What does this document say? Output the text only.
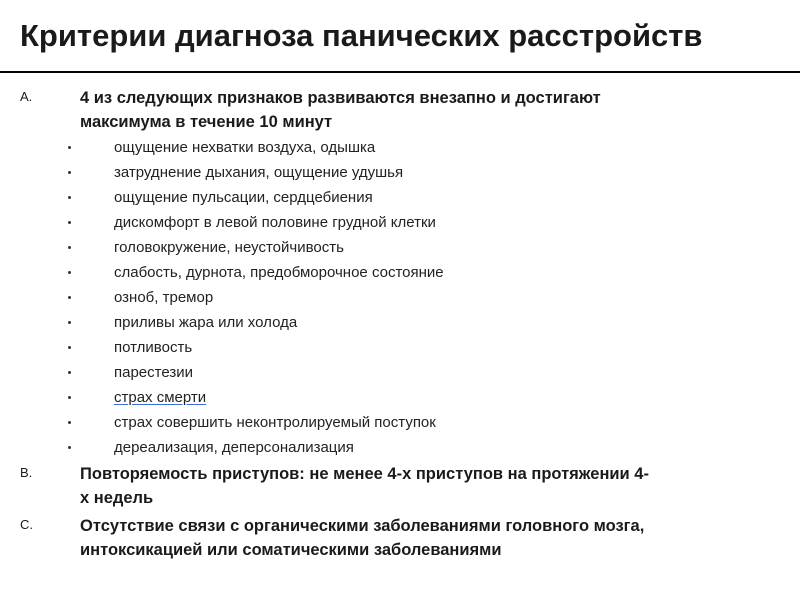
Критерии диагноза панических расстройств
A.	4 из следующих признаков развиваются внезапно и достигают
максимума в течение 10 минут
ощущение нехватки воздуха, одышка
затруднение дыхания, ощущение удушья
ощущение пульсации, сердцебиения
дискомфорт в левой половине грудной клетки
головокружение, неустойчивость
слабость, дурнота, предобморочное состояние
озноб, тремор
приливы жара или холода
потливость
парестезии
страх смерти
страх совершить неконтролируемый поступок
дереализация, деперсонализация
B.	Повторяемость приступов: не менее 4-х приступов на протяжении 4-
х недель
C.	Отсутствие связи с органическими заболеваниями головного мозга,
интоксикацией или соматическими заболеваниями
